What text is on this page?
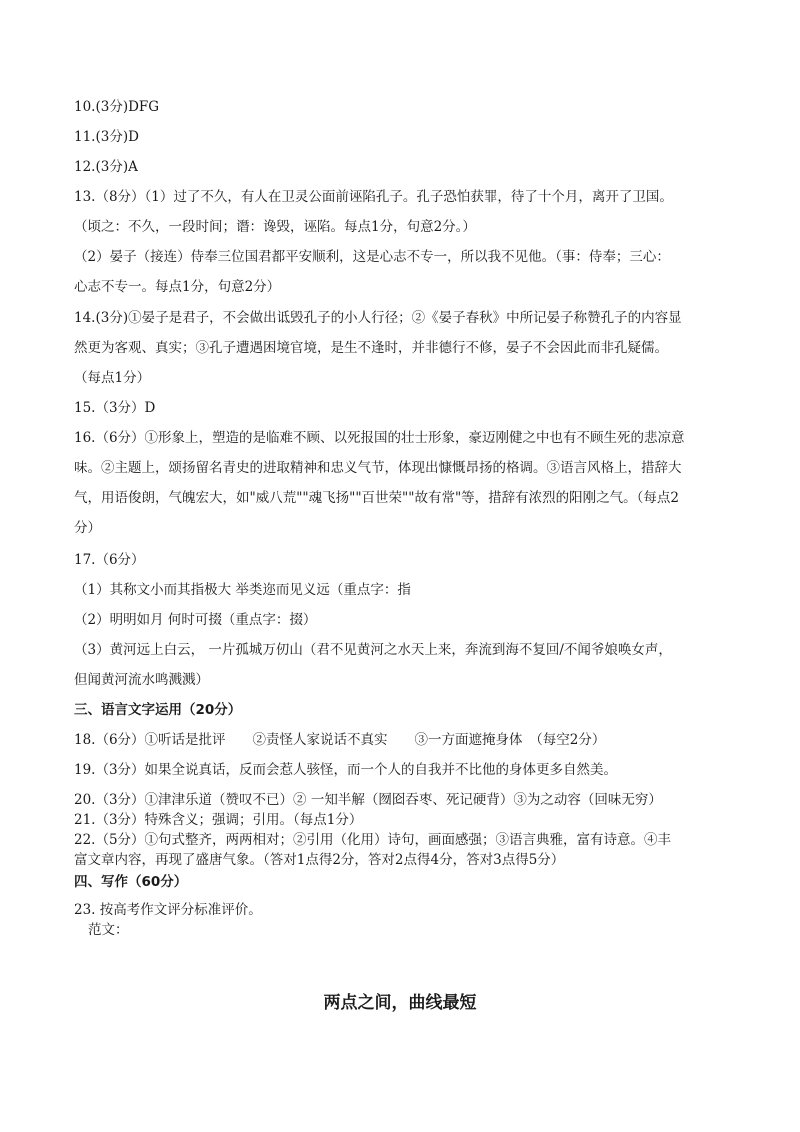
10.(3分)DFG
11.(3分)D
12.(3分)A
13.（8分）（1）过了不久，有人在卫灵公面前诬陷孔子。孔子恐怕获罪，待了十个月，离开了卫国。
（顷之：不久，一段时间；谮：谗毁，诬陷。每点1分，句意2分。）
（2）晏子（接连）侍奉三位国君都平安顺利，这是心志不专一，所以我不见他。（事：侍奉；三心：
心志不专一。每点1分，句意2分）
14.(3分)①晏子是君子，不会做出诋毁孔子的小人行径；②《晏子春秋》中所记晏子称赞孔子的内容显
然更为客观、真实；③孔子遭遇困境官境，是生不逢时，并非德行不修，晏子不会因此而非孔疑儒。
（每点1分）
15.（3分）D
16.（6分）①形象上，塑造的是临难不顾、以死报国的壮士形象，豪迈刚健之中也有不顾生死的悲凉意
味。②主题上，颂扬留名青史的进取精神和忠义气节，体现出慷慨昂扬的格调。③语言风格上，措辞大
气，用语俊朗，气魄宏大，如"威八荒""魂飞扬""百世荣""故有常"等，措辞有浓烈的阳刚之气。（每点2
分）
17.（6分）
（1）其称文小而其指极大 举类迩而见义远（重点字：指
（2）明明如月 何时可掇（重点字：掇）
（3）黄河远上白云， 一片孤城万仞山（君不见黄河之水天上来，奔流到海不复回/不闻爷娘唤女声，
但闻黄河流水鸣溅溅）
三、语言文字运用（20分）
18.（6分）①听话是批评　　②责怪人家说话不真实　　③一方面遮掩身体　（每空2分）
19.（3分）如果全说真话，反而会惹人骇怪，而一个人的自我并不比他的身体更多自然美。
20.（3分）①津津乐道（赞叹不已）② 一知半解（囫囵吞枣、死记硬背）③为之动容（回味无穷）
21.（3分）特殊含义；强调；引用。（每点1分）
22.（5分）①句式整齐，两两相对；②引用（化用）诗句，画面感强；③语言典雅，富有诗意。④丰
富文章内容，再现了盛唐气象。（答对1点得2分，答对2点得4分，答对3点得5分）
四、写作（60分）
23. 按高考作文评分标准评价。
范文：
两点之间，曲线最短
